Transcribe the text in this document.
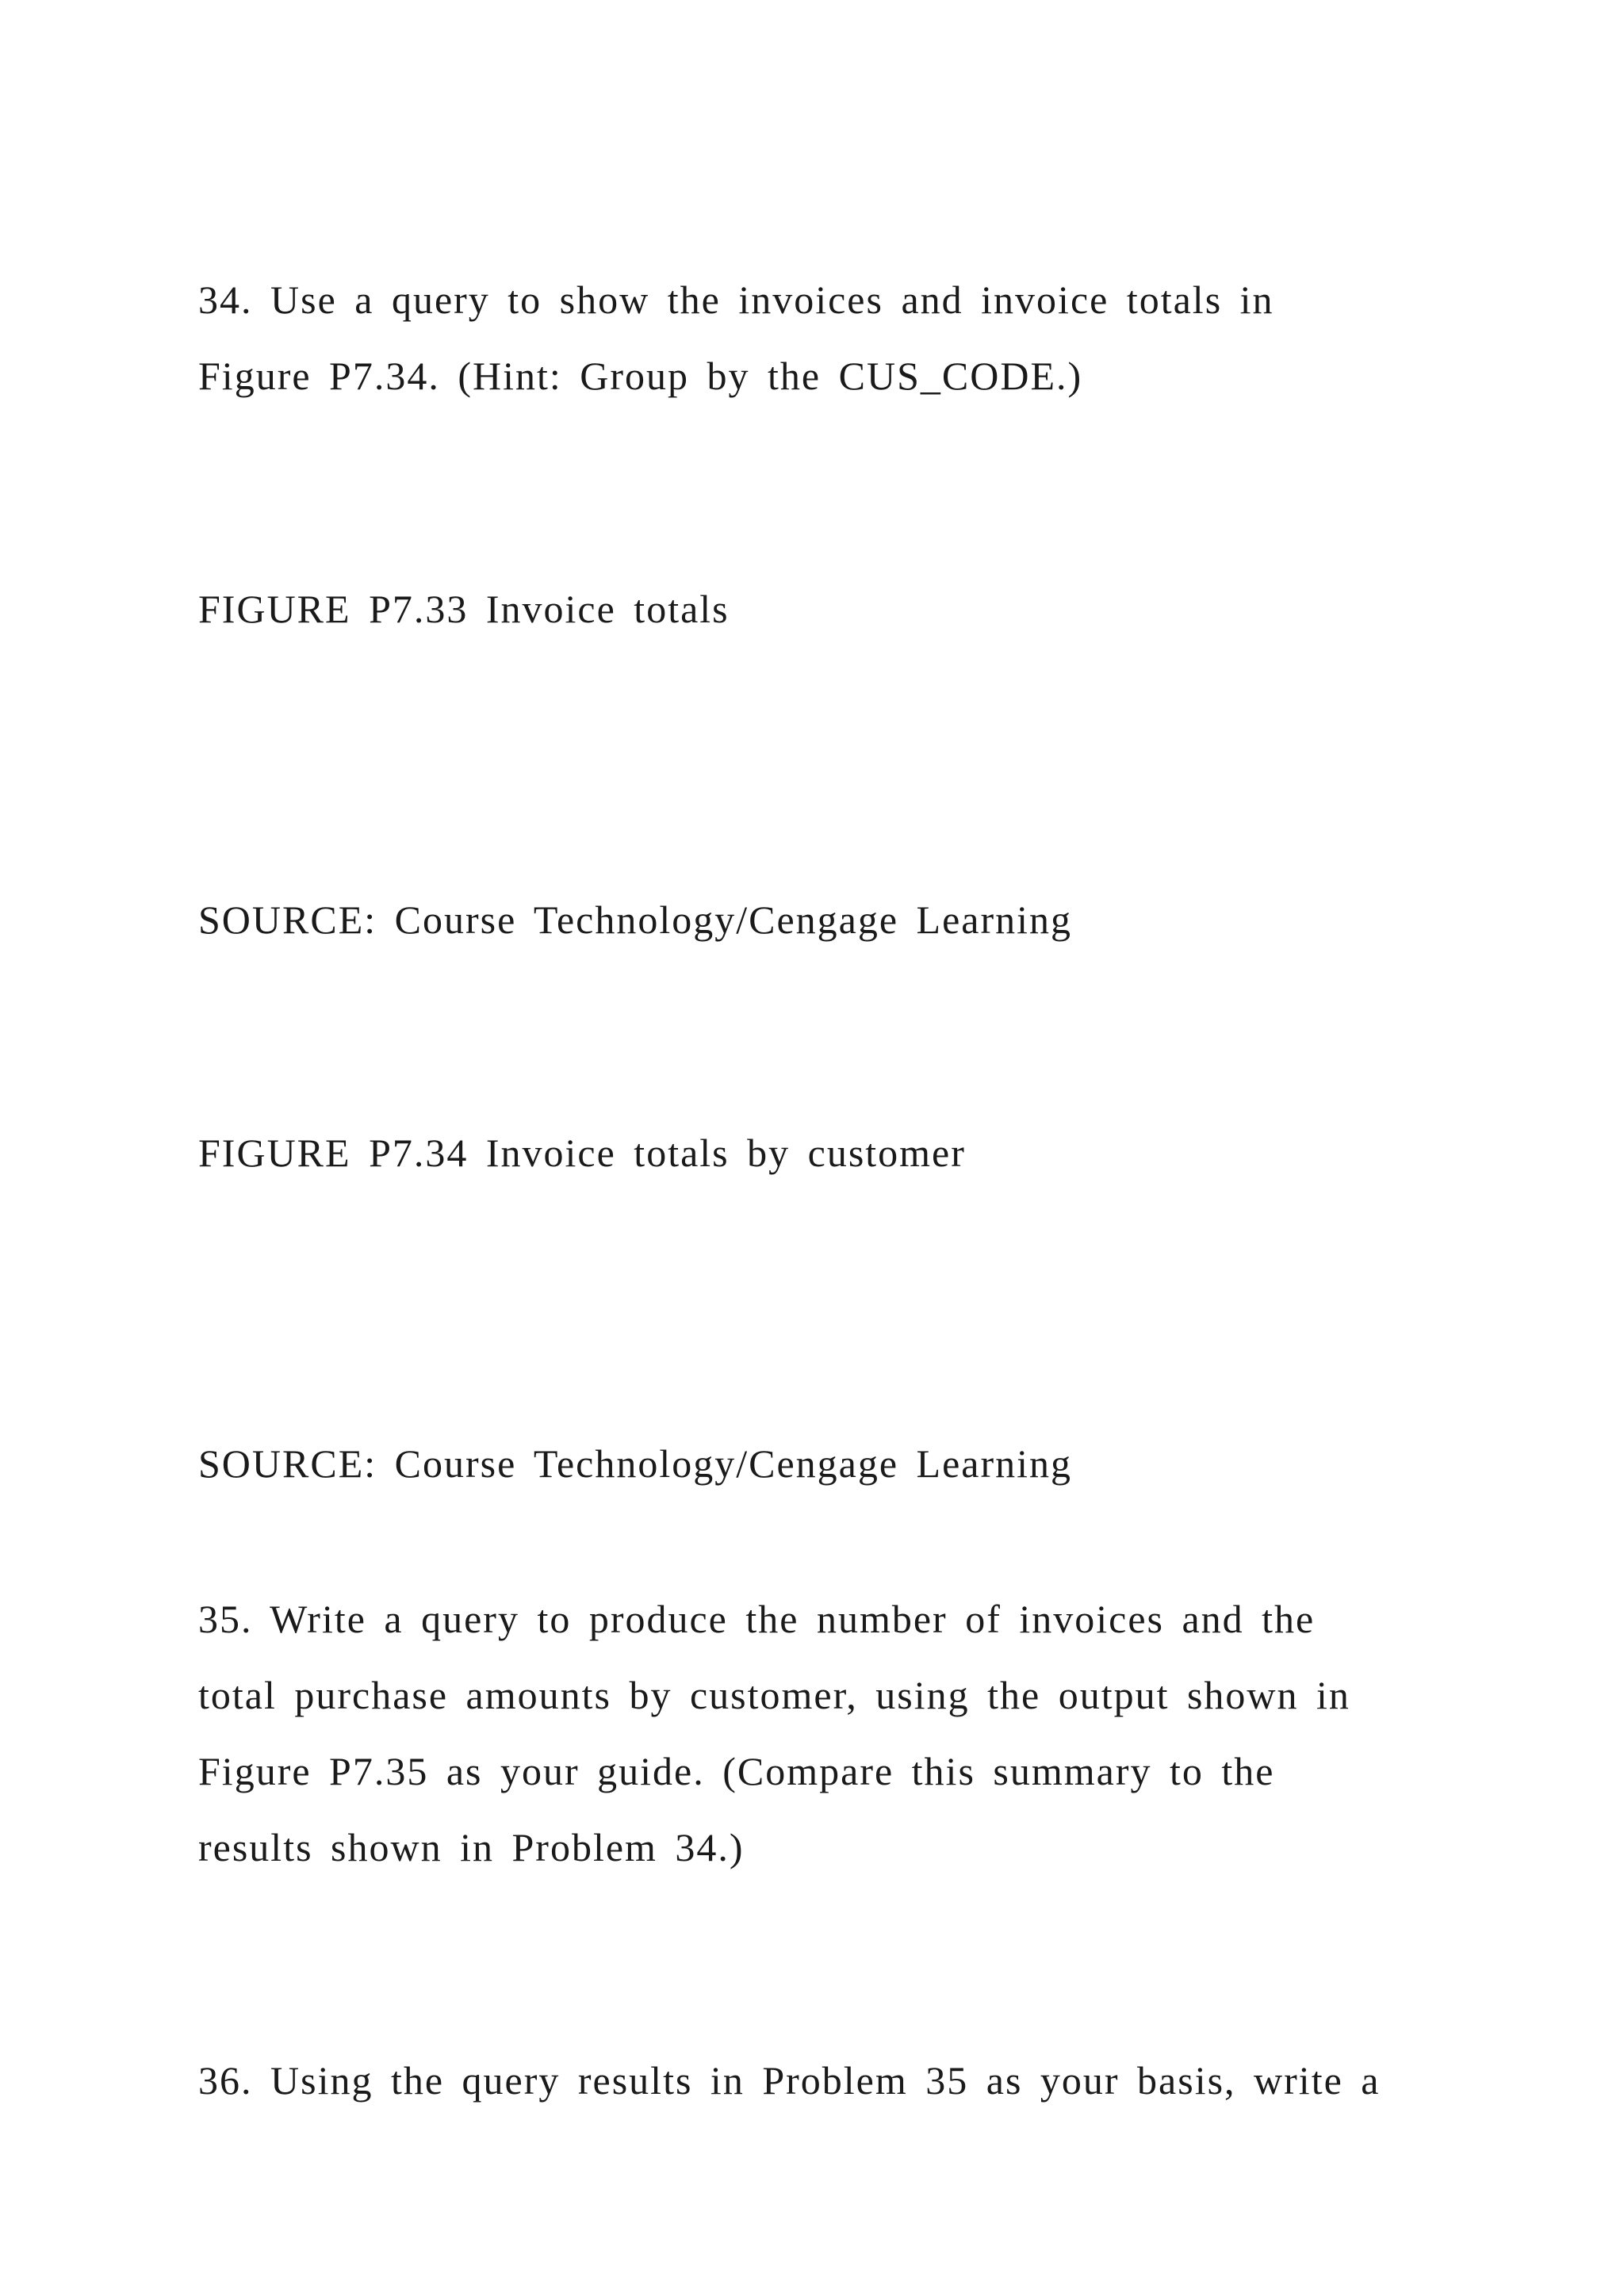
34. Use a query to show the invoices and invoice totals in

Figure P7.34. (Hint: Group by the CUS_CODE.)

FIGURE P7.33 Invoice totals

SOURCE: Course Technology/Cengage Learning

FIGURE P7.34 Invoice totals by customer

SOURCE: Course Technology/Cengage Learning

35. Write a query to produce the number of invoices and the

total purchase amounts by customer, using the output shown in

Figure P7.35 as your guide. (Compare this summary to the

results shown in Problem 34.)

36. Using the query results in Problem 35 as your basis, write a
